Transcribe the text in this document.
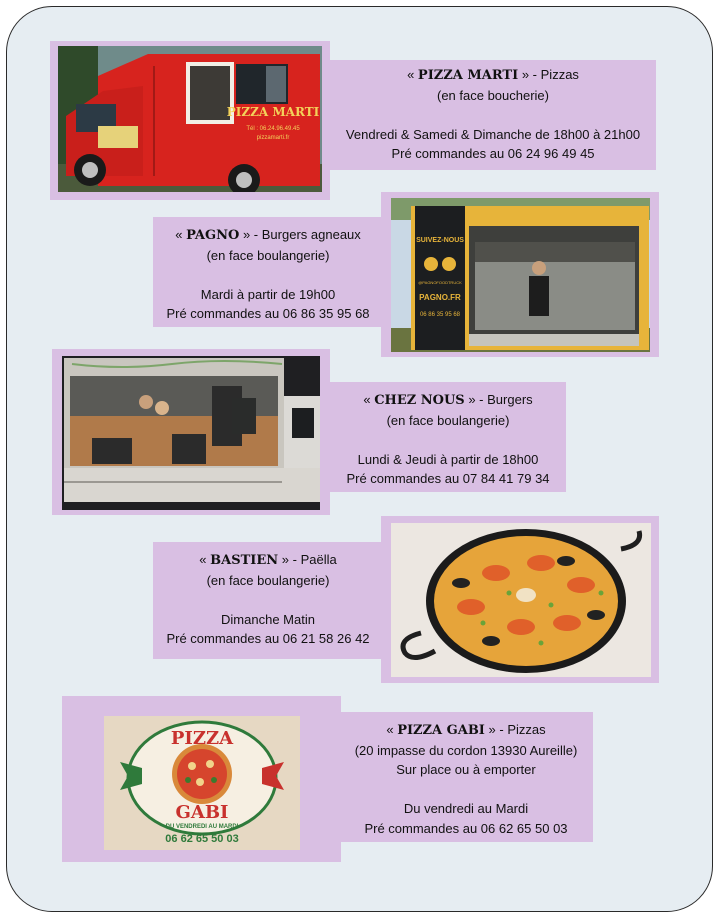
PIZZA MARTI
Tél : 06.24.96.49.45
pizzamarti.fr
« PIZZA MARTI » - Pizzas
(en face boucherie)
Vendredi & Samedi & Dimanche de 18h00 à 21h00
Pré commandes au 06 24 96 49 45
« PAGNO » - Burgers agneaux
(en face boulangerie)
Mardi à partir de 19h00
Pré commandes au 06 86 35 95 68
SUIVEZ-NOUS
@PAGNOFOODTRUCK
PAGNO.FR
06 86 35 95 68
« CHEZ NOUS » - Burgers
(en face boulangerie)
Lundi & Jeudi à partir de 18h00
Pré commandes au 07 84 41 79 34
« BASTIEN » - Paëlla
(en face boulangerie)
Dimanche Matin
Pré commandes au 06 21 58 26 42
PIZZA
GABI
DU VENDREDI AU MARDI
06 62 65 50 03
« PIZZA GABI » - Pizzas
(20 impasse du cordon 13930 Aureille)
Sur place ou à emporter
Du vendredi au Mardi
Pré commandes au 06 62 65 50 03
